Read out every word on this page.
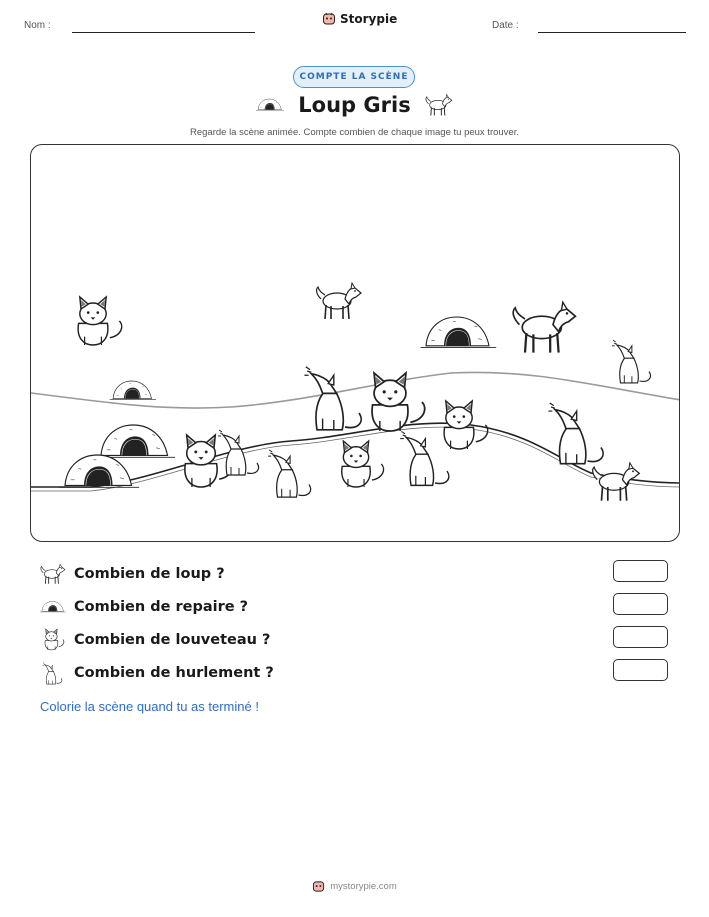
Nom :	Storypie	Date :
COMPTE LA SCÈNE
Loup Gris
Regarde la scène animée. Compte combien de chaque image tu peux trouver.
Combien de loup ?
Combien de repaire ?
Combien de louveteau ?
Combien de hurlement ?
Colorie la scène quand tu as terminé !
mystorypie.com
